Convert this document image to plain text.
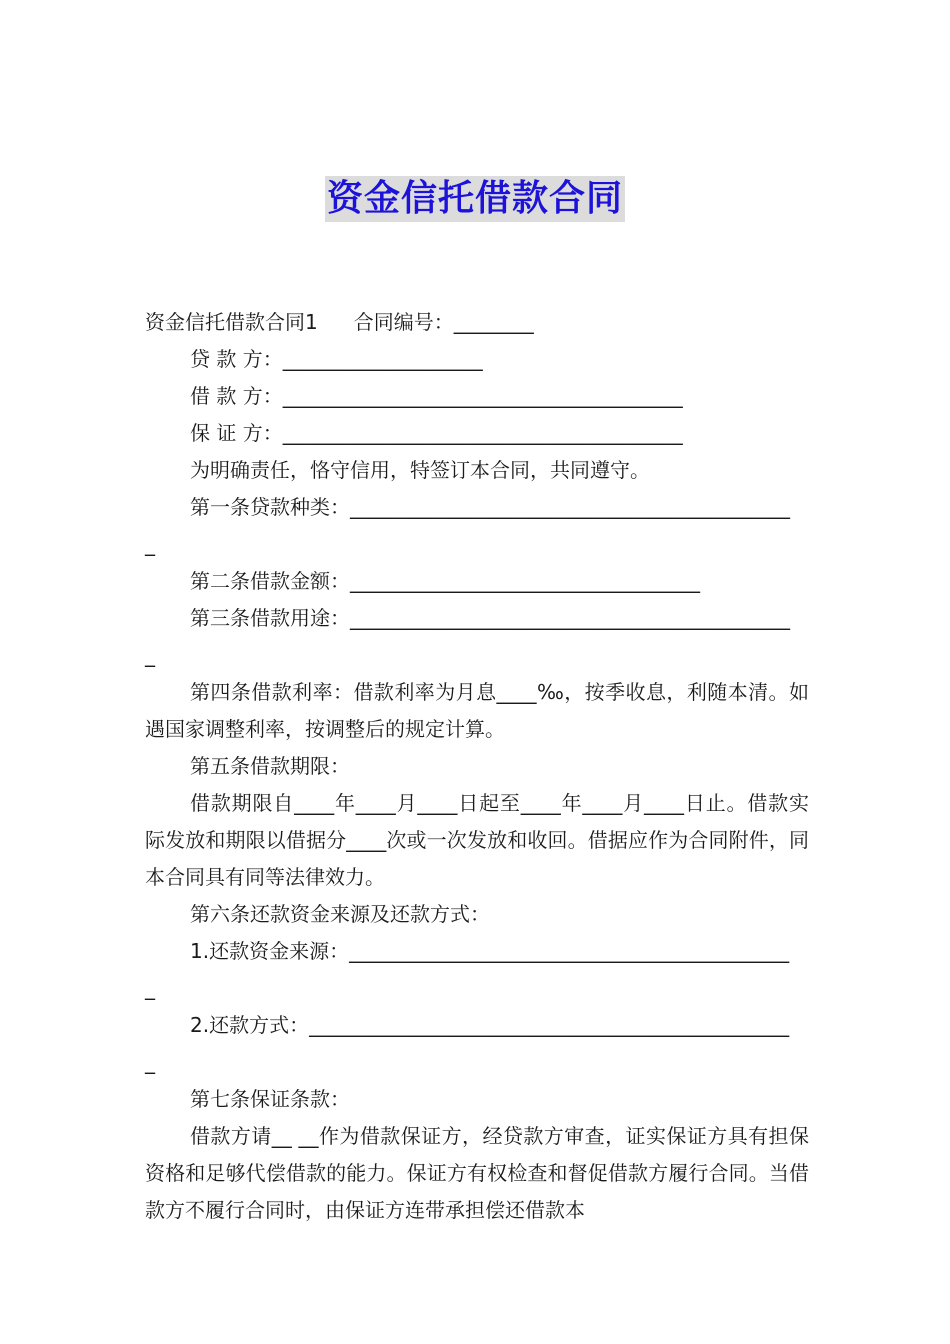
资金信托借款合同
资金信托借款合同1 合同编号：________
贷 款 方：____________________
借 款 方：________________________________________
保 证 方：________________________________________
为明确责任，恪守信用，特签订本合同，共同遵守。
第一条贷款种类：____________________________________________
_
第二条借款金额：___________________________________
第三条借款用途：____________________________________________
_
第四条借款利率：借款利率为月息____‰，按季收息，利随本清。如遇国家调整利率，按调整后的规定计算。
第五条借款期限：
借款期限自____年____月____日起至____年____月____日止。借款实际发放和期限以借据分____次或一次发放和收回。借据应作为合同附件，同本合同具有同等法律效力。
第六条还款资金来源及还款方式：
1.还款资金来源：____________________________________________
_
2.还款方式：________________________________________________
_
第七条保证条款：
借款方请__ __作为借款保证方，经贷款方审查，证实保证方具有担保资格和足够代偿借款的能力。保证方有权检查和督促借款方履行合同。当借款方不履行合同时，由保证方连带承担偿还借款本
